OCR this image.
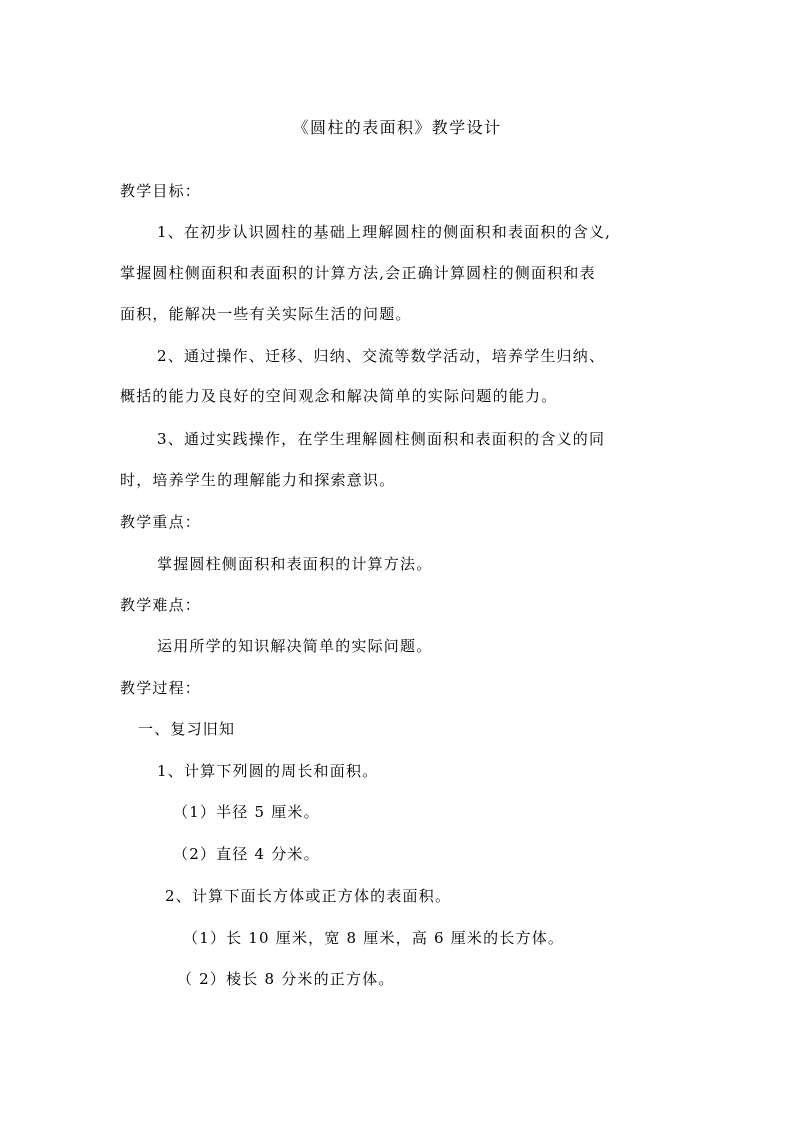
《圆柱的表面积》教学设计
教学目标：
1、在初步认识圆柱的基础上理解圆柱的侧面积和表面积的含义,
掌握圆柱侧面积和表面积的计算方法,会正确计算圆柱的侧面积和表
面积，能解决一些有关实际生活的问题。
2、通过操作、迁移、归纳、交流等数学活动，培养学生归纳、
概括的能力及良好的空间观念和解决简单的实际问题的能力。
3、通过实践操作，在学生理解圆柱侧面积和表面积的含义的同
时，培养学生的理解能力和探索意识。
教学重点：
掌握圆柱侧面积和表面积的计算方法。
教学难点：
运用所学的知识解决简单的实际问题。
教学过程：
一、复习旧知
1、计算下列圆的周长和面积。
（1）半径 5 厘米。
（2）直径 4 分米。
2、计算下面长方体或正方体的表面积。
（1）长 10 厘米，宽 8 厘米，高 6 厘米的长方体。
（ 2）棱长 8 分米的正方体。
